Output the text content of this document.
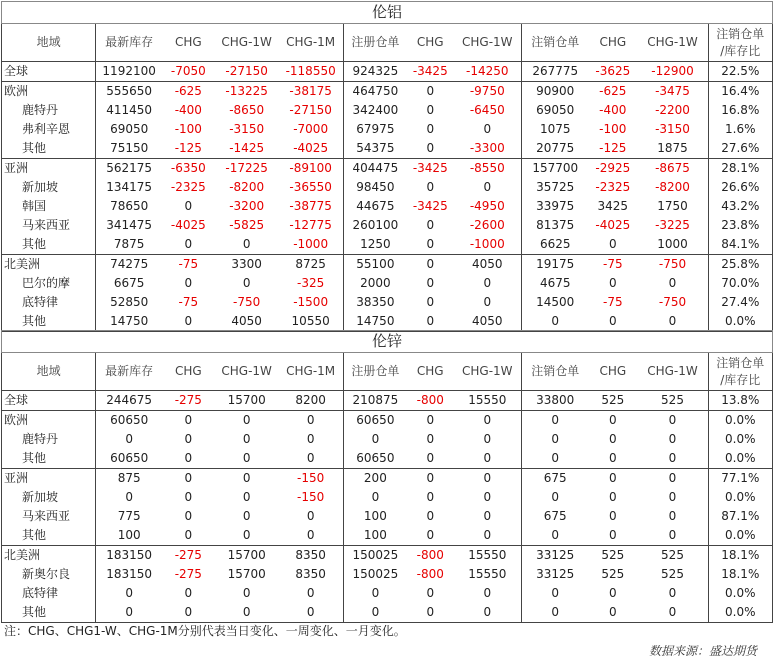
伦铝											
地域	最新库存	CHG	CHG-1W	CHG-1M	注册仓单	CHG	CHG-1W	注销仓单	CHG	CHG-1W	注销仓单
/库存比

全球	1192100	-7050	-27150	-118550	924325	-3425	-14250	267775	-3625	-12900	22.5%
欧洲	555650	-625	-13225	-38175	464750	0	-9750	90900	-625	-3475	16.4%
鹿特丹	411450	-400	-8650	-27150	342400	0	-6450	69050	-400	-2200	16.8%
弗利辛恩	69050	-100	-3150	-7000	67975	0	0	1075	-100	-3150	1.6%
其他	75150	-125	-1425	-4025	54375	0	-3300	20775	-125	1875	27.6%
亚洲	562175	-6350	-17225	-89100	404475	-3425	-8550	157700	-2925	-8675	28.1%
新加坡	134175	-2325	-8200	-36550	98450	0	0	35725	-2325	-8200	26.6%
韩国	78650	0	-3200	-38775	44675	-3425	-4950	33975	3425	1750	43.2%
马来西亚	341475	-4025	-5825	-12775	260100	0	-2600	81375	-4025	-3225	23.8%
其他	7875	0	0	-1000	1250	0	-1000	6625	0	1000	84.1%
北美洲	74275	-75	3300	8725	55100	0	4050	19175	-75	-750	25.8%
巴尔的摩	6675	0	0	-325	2000	0	0	4675	0	0	70.0%
底特律	52850	-75	-750	-1500	38350	0	0	14500	-75	-750	27.4%
其他	14750	0	4050	10550	14750	0	4050	0	0	0	0.0%
伦锌											
地域	最新库存	CHG	CHG-1W	CHG-1M	注册仓单	CHG	CHG-1W	注销仓单	CHG	CHG-1W	注销仓单
/库存比

全球	244675	-275	15700	8200	210875	-800	15550	33800	525	525	13.8%
欧洲	60650	0	0	0	60650	0	0	0	0	0	0.0%
鹿特丹	0	0	0	0	0	0	0	0	0	0	0.0%
其他	60650	0	0	0	60650	0	0	0	0	0	0.0%
亚洲	875	0	0	-150	200	0	0	675	0	0	77.1%
新加坡	0	0	0	-150	0	0	0	0	0	0	0.0%
马来西亚	775	0	0	0	100	0	0	675	0	0	87.1%
其他	100	0	0	0	100	0	0	0	0	0	0.0%
北美洲	183150	-275	15700	8350	150025	-800	15550	33125	525	525	18.1%
新奥尔良	183150	-275	15700	8350	150025	-800	15550	33125	525	525	18.1%
底特律	0	0	0	0	0	0	0	0	0	0	0.0%
其他	0	0	0	0	0	0	0	0	0	0	0.0%
注：CHG、CHG1-W、CHG-1M分别代表当日变化、一周变化、一月变化。
数据来源：盛达期货
